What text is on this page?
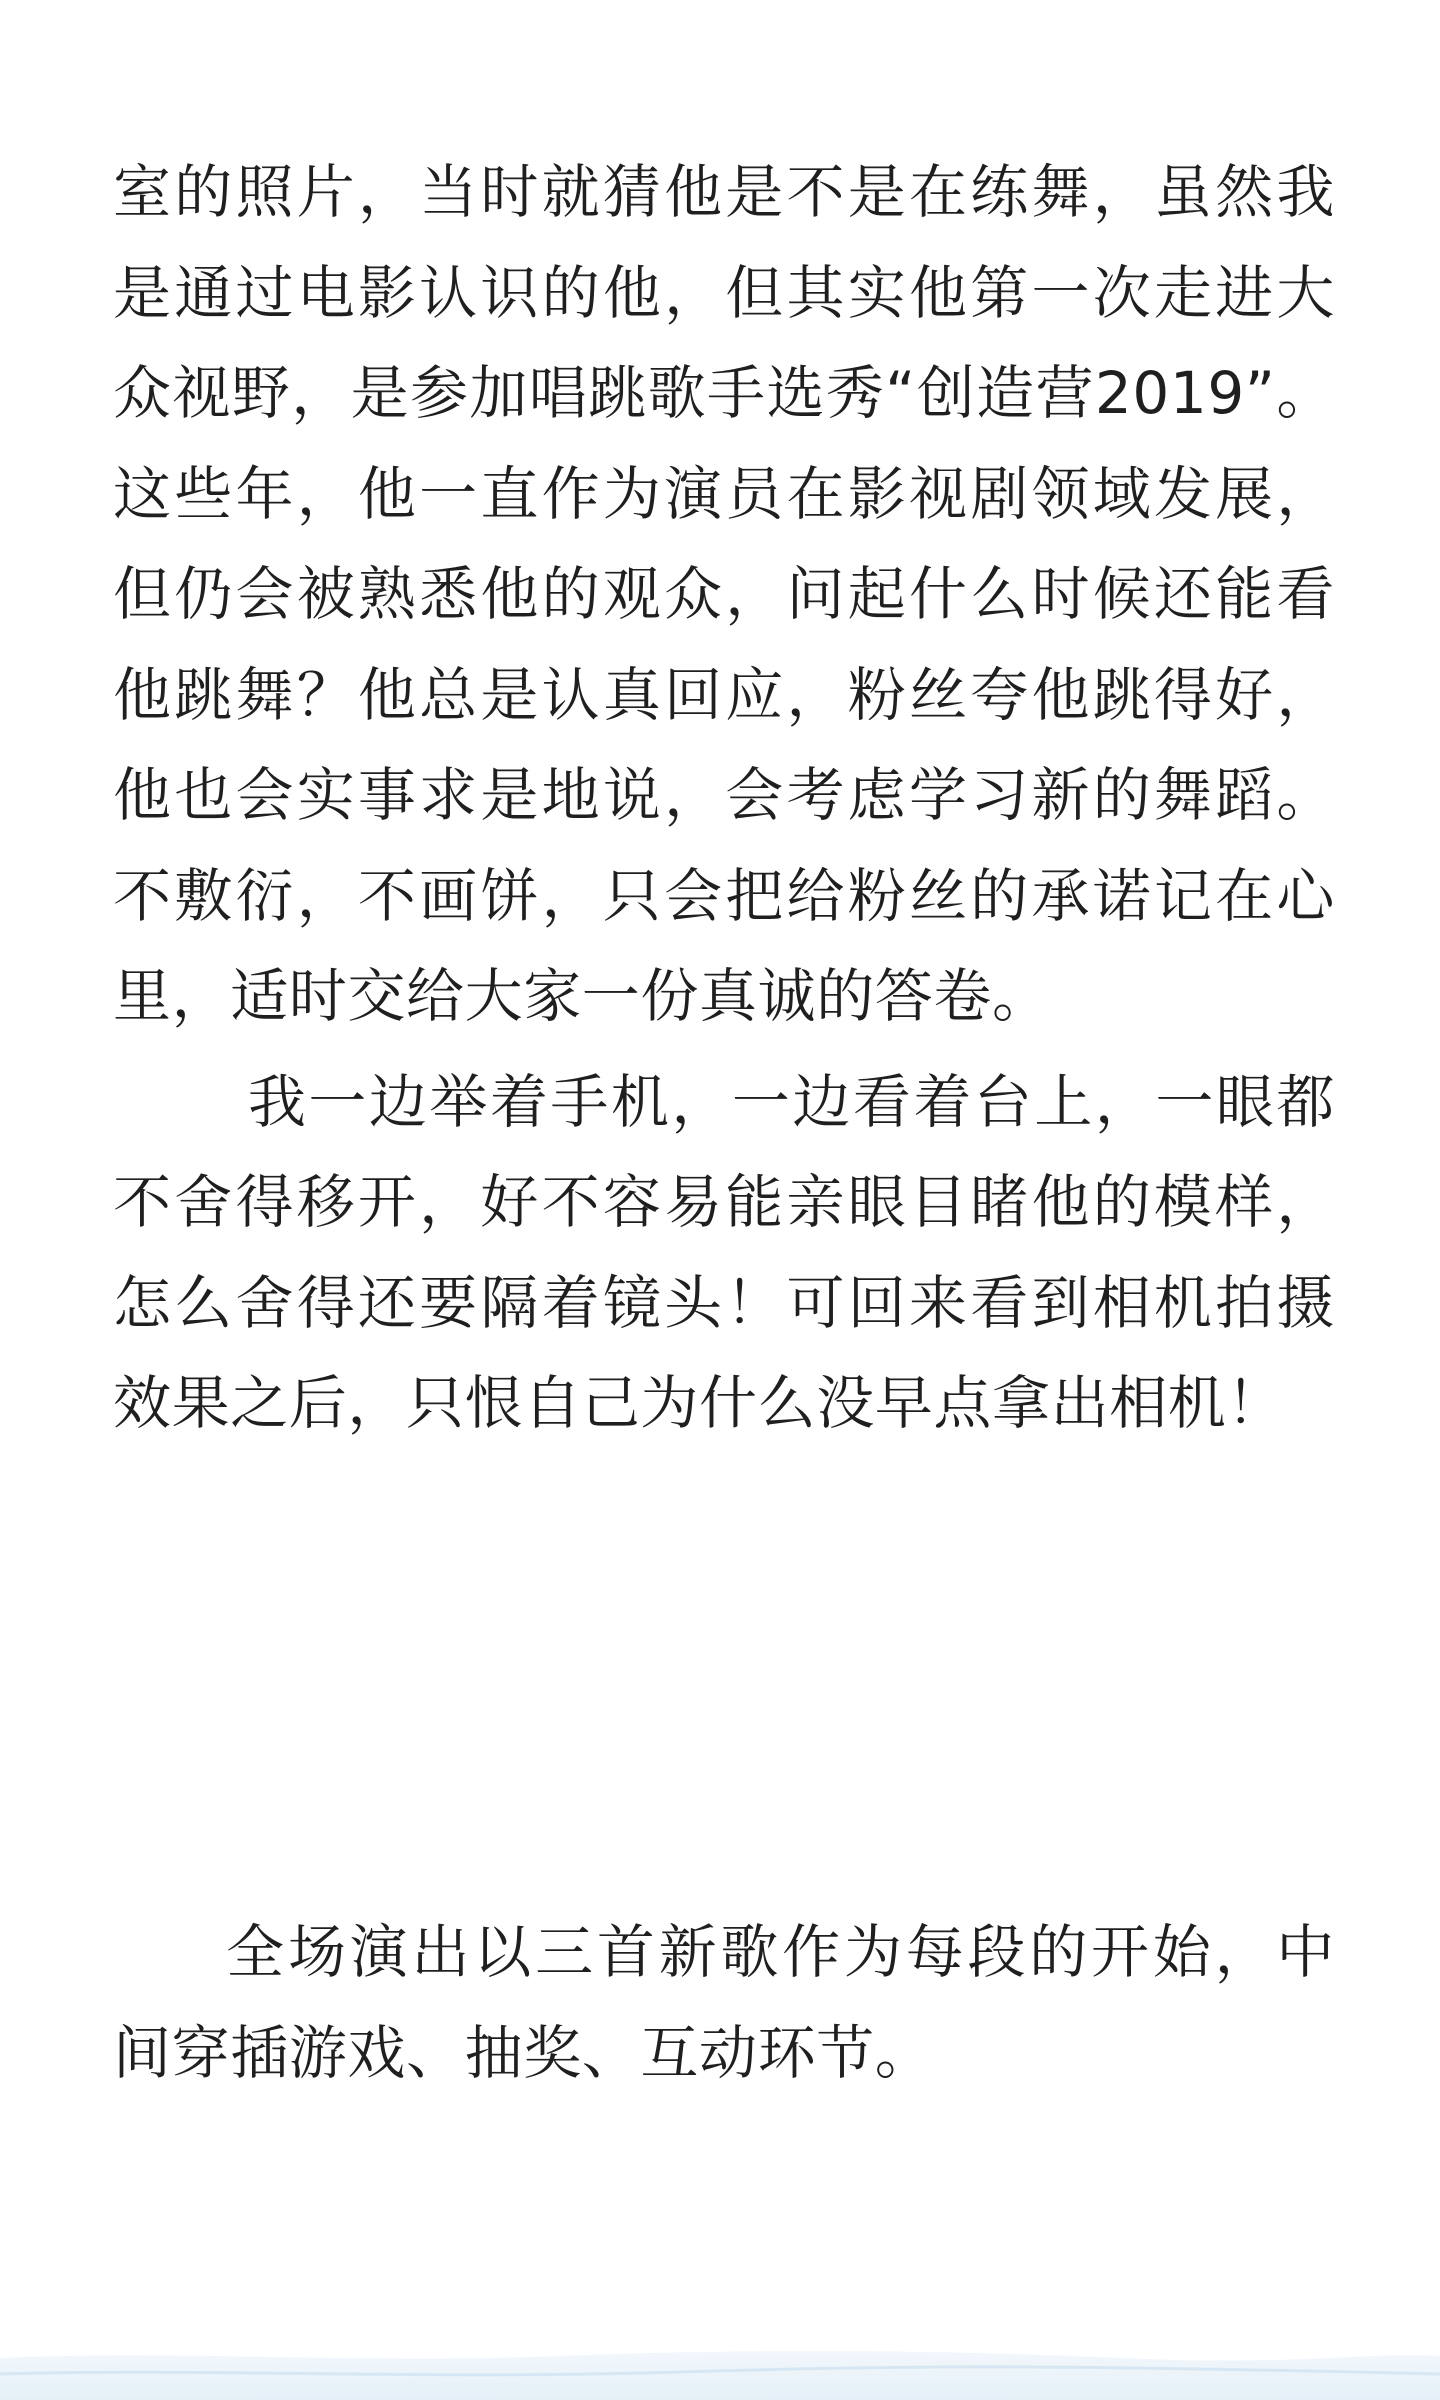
室的照片，当时就猜他是不是在练舞，虽然我是通过电影认识的他，但其实他第一次走进大众视野，是参加唱跳歌手选秀“创造营2019”。这些年，他一直作为演员在影视剧领域发展，但仍会被熟悉他的观众，问起什么时候还能看他跳舞？他总是认真回应，粉丝夸他跳得好，他也会实事求是地说，会考虑学习新的舞蹈。不敷衍，不画饼，只会把给粉丝的承诺记在心里，适时交给大家一份真诚的答卷。

我一边举着手机，一边看着台上，一眼都不舍得移开，好不容易能亲眼目睹他的模样，怎么舍得还要隔着镜头！可回来看到相机拍摄效果之后，只恨自己为什么没早点拿出相机！

全场演出以三首新歌作为每段的开始，中间穿插游戏、抽奖、互动环节。
